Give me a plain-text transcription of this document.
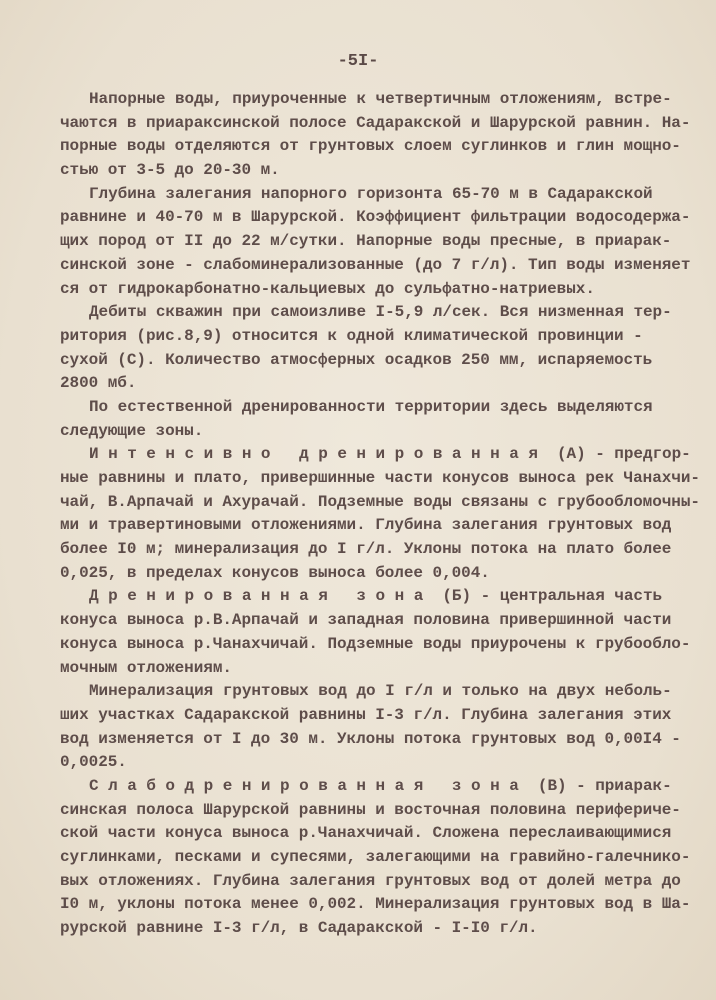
-5I-
Напорные воды, приуроченные к четвертичным отложениям, встре-
чаются в приараксинской полосе Садаракской и Шарурской равнин. На-
порные воды отделяются от грунтовых слоем суглинков и глин мощно-
стью от 3-5 до 20-30 м.
Глубина залегания напорного горизонта 65-70 м в Садаракской
равнине и 40-70 м в Шарурской. Коэффициент фильтрации водосодержа-
щих пород от II до 22 м/сутки. Напорные воды пресные, в приарак-
синской зоне - слабоминерализованные (до 7 г/л). Тип воды изменяет
ся от гидрокарбонатно-кальциевых до сульфатно-натриевых.
Дебиты скважин при самоизливе I-5,9 л/сек. Вся низменная тер-
ритория (рис.8,9) относится к одной климатической провинции -
сухой (С). Количество атмосферных осадков 250 мм, испаряемость
2800 мб.
По естественной дренированности территории здесь выделяются
следующие зоны.
Интенсивно дренированная (А) - предгор-
ные равнины и плато, привершинные части конусов выноса рек Чанахчи-
чай, В.Арпачай и Ахурачай. Подземные воды связаны с грубообломочны-
ми и травертиновыми отложениями. Глубина залегания грунтовых вод
более I0 м; минерализация до I г/л. Уклоны потока на плато более
0,025, в пределах конусов выноса более 0,004.
Дренированная зона (Б) - центральная часть
конуса выноса р.В.Арпачай и западная половина привершинной части
конуса выноса р.Чанахчичай. Подземные воды приурочены к грубообло-
мочным отложениям.
Минерализация грунтовых вод до I г/л и только на двух неболь-
ших участках Садаракской равнины I-3 г/л. Глубина залегания этих
вод изменяется от I до 30 м. Уклоны потока грунтовых вод 0,00I4 -
0,0025.
Слабодренированная зона (В) - приарак-
синская полоса Шарурской равнины и восточная половина перифериче-
ской части конуса выноса р.Чанахчичай. Сложена переслаивающимися
суглинками, песками и супесями, залегающими на гравийно-галечнико-
вых отложениях. Глубина залегания грунтовых вод от долей метра до
I0 м, уклоны потока менее 0,002. Минерализация грунтовых вод в Ша-
рурской равнине I-3 г/л, в Садаракской - I-I0 г/л.
